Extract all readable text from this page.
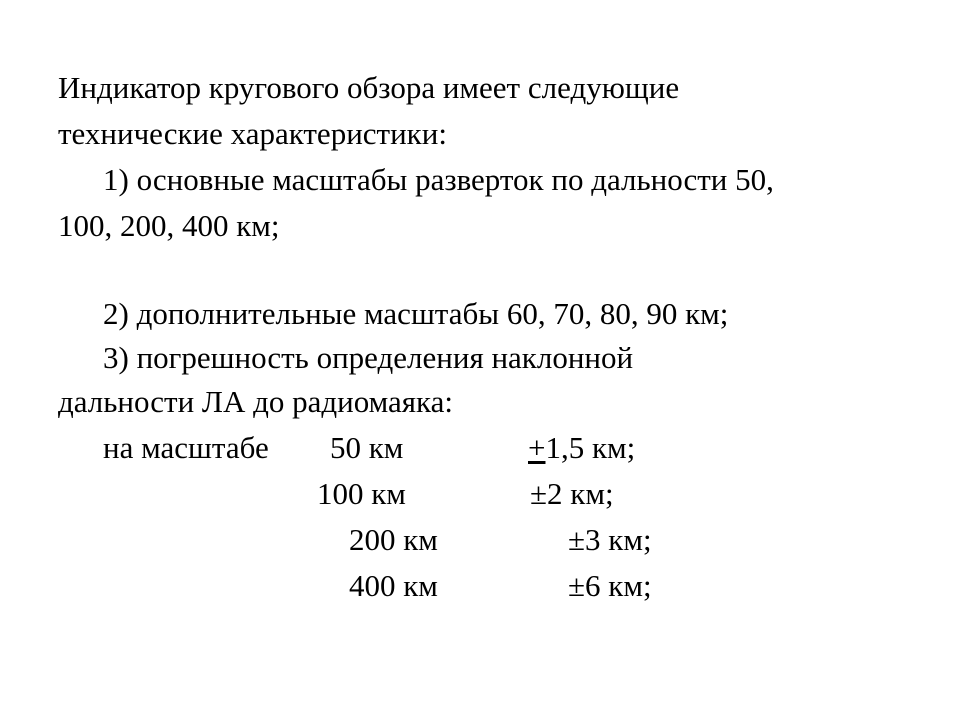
Индикатор кругового обзора имеет следующие
технические характеристики:
1) основные масштабы разверток по дальности 50,
100, 200, 400 км;
2) дополнительные масштабы 60, 70, 80, 90 км;
3) погрешность определения наклонной
дальности ЛА до радиомаяка:
на масштабе 50 км	+1,5 км;
100 км	±2 км;
200 км	±3 км;
400 км	±6 км;
